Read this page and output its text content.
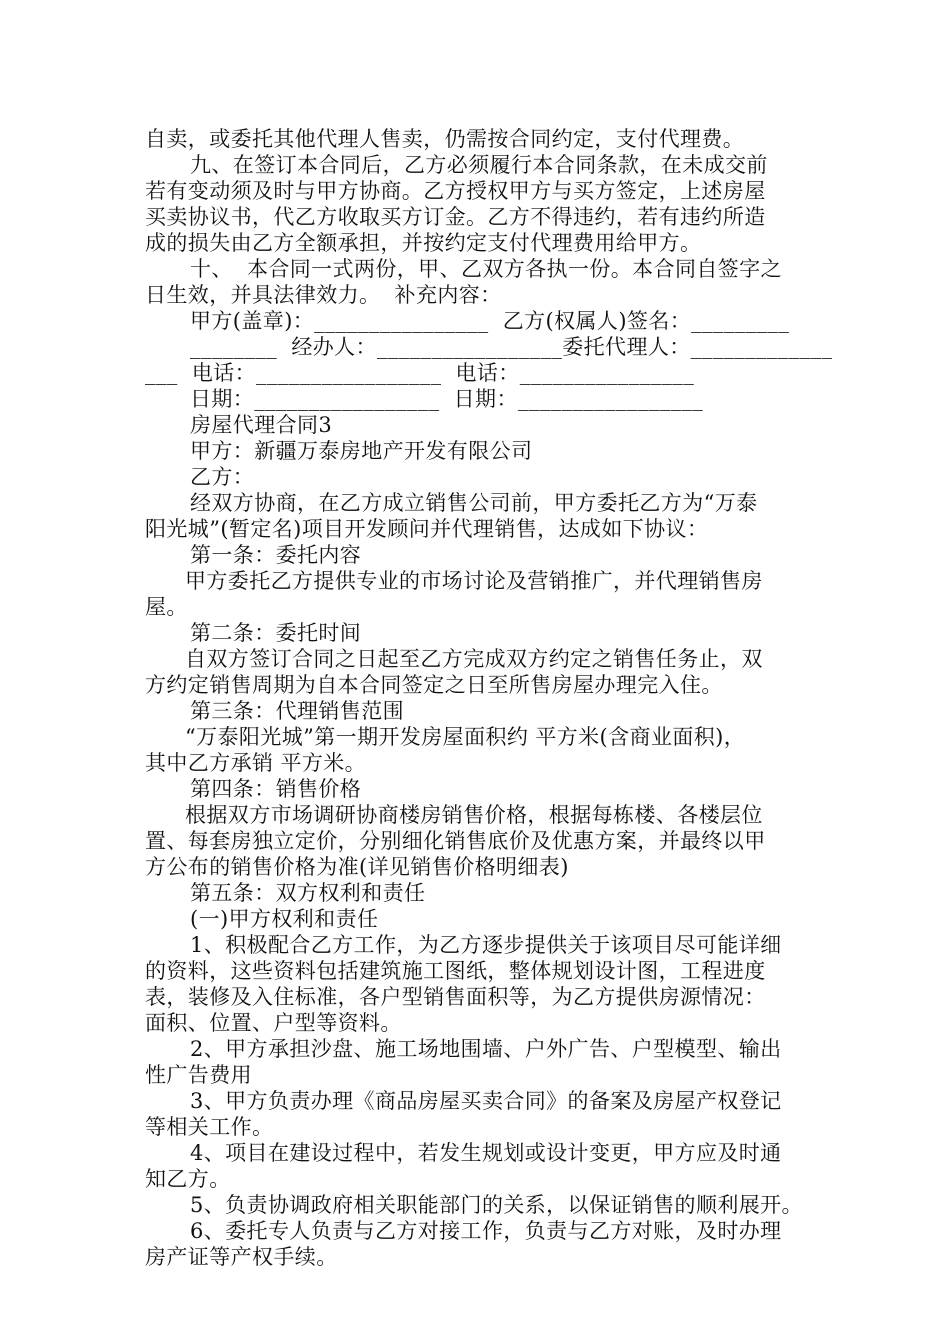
自卖，或委托其他代理人售卖，仍需按合同约定，支付代理费。
九、在签订本合同后，乙方必须履行本合同条款，在未成交前
若有变动须及时与甲方协商。乙方授权甲方与买方签定，上述房屋
买卖协议书，代乙方收取买方订金。乙方不得违约，若有违约所造
成的损失由乙方全额承担，并按约定支付代理费用给甲方。
十、  本合同一式两份，甲、乙双方各执一份。本合同自签字之
日生效，并具法律效力。  补充内容：
甲方(盖章)：________________  乙方(权属人)签名：_________
________  经办人：_________________委托代理人：_____________
___  电话：_________________  电话：________________
日期：_________________  日期：_________________
房屋代理合同3
甲方：新疆万泰房地产开发有限公司
乙方：
经双方协商，在乙方成立销售公司前，甲方委托乙方为“万泰
阳光城”(暂定名)项目开发顾问并代理销售，达成如下协议：
第一条：委托内容
甲方委托乙方提供专业的市场讨论及营销推广，并代理销售房
屋。
第二条：委托时间
自双方签订合同之日起至乙方完成双方约定之销售任务止，双
方约定销售周期为自本合同签定之日至所售房屋办理完入住。
第三条：代理销售范围
“万泰阳光城”第一期开发房屋面积约 平方米(含商业面积)，
其中乙方承销 平方米。
第四条：销售价格
根据双方市场调研协商楼房销售价格，根据每栋楼、各楼层位
置、每套房独立定价，分别细化销售底价及优惠方案，并最终以甲
方公布的销售价格为准(详见销售价格明细表)
第五条：双方权利和责任
(一)甲方权利和责任
1、积极配合乙方工作，为乙方逐步提供关于该项目尽可能详细
的资料，这些资料包括建筑施工图纸，整体规划设计图，工程进度
表，装修及入住标准，各户型销售面积等，为乙方提供房源情况：
面积、位置、户型等资料。
2、甲方承担沙盘、施工场地围墙、户外广告、户型模型、输出
性广告费用
3、甲方负责办理《商品房屋买卖合同》的备案及房屋产权登记
等相关工作。
4、项目在建设过程中，若发生规划或设计变更，甲方应及时通
知乙方。
5、负责协调政府相关职能部门的关系，以保证销售的顺利展开。
6、委托专人负责与乙方对接工作，负责与乙方对账，及时办理
房产证等产权手续。
